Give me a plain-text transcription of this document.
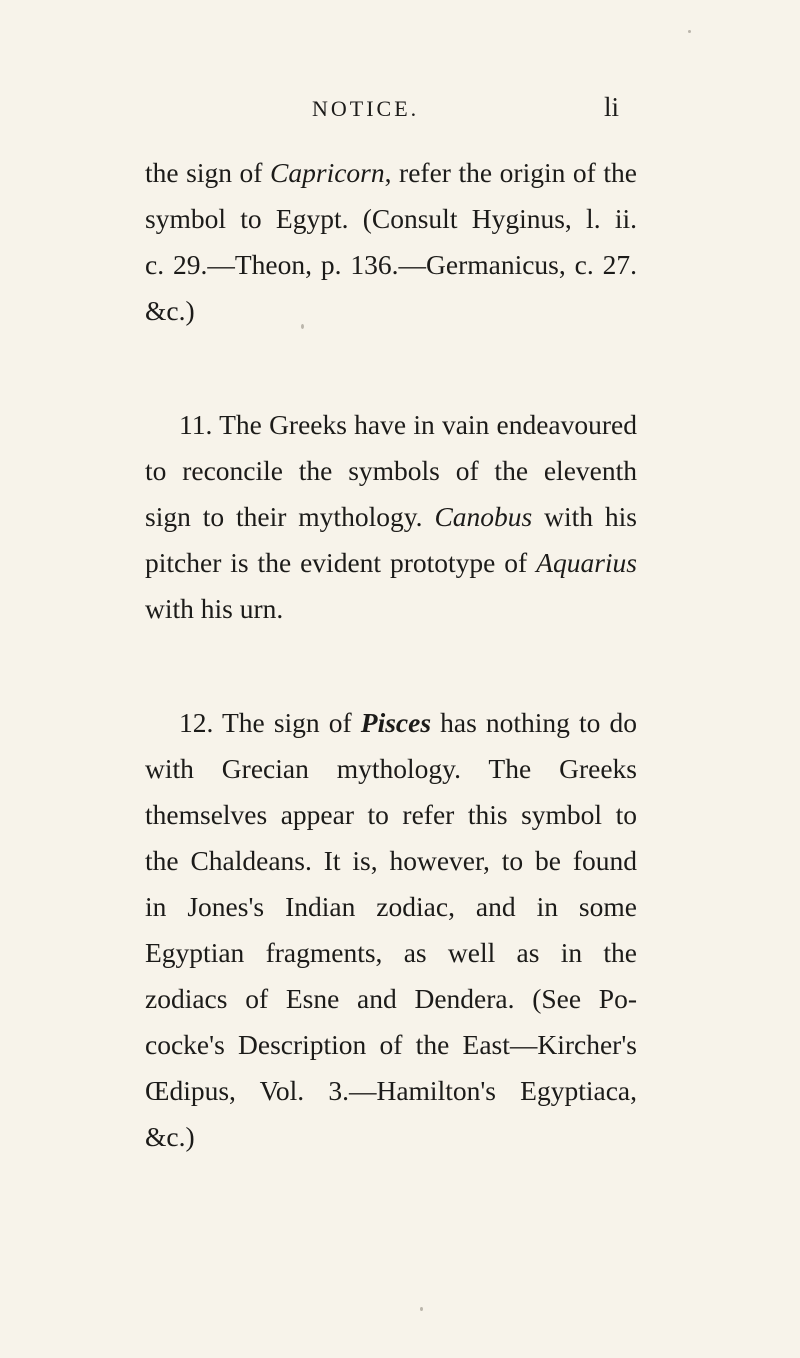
NOTICE.	li
the sign of Capricorn, refer the origin of the
symbol to Egypt. (Consult Hyginus, l. ii.
c. 29.—Theon, p. 136.—Germanicus, c. 27.
&c.)
11. The Greeks have in vain endeavoured
to reconcile the symbols of the eleventh
sign to their mythology. Canobus with his
pitcher is the evident prototype of Aquarius
with his urn.
12. The sign of Pisces has nothing to do
with Grecian mythology. The Greeks
themselves appear to refer this symbol to
the Chaldeans. It is, however, to be found
in Jones's Indian zodiac, and in some
Egyptian fragments, as well as in the
zodiacs of Esne and Dendera. (See Po-
cocke's Description of the East—Kircher's
Œdipus, Vol. 3.—Hamilton's Egyptiaca,
&c.)
